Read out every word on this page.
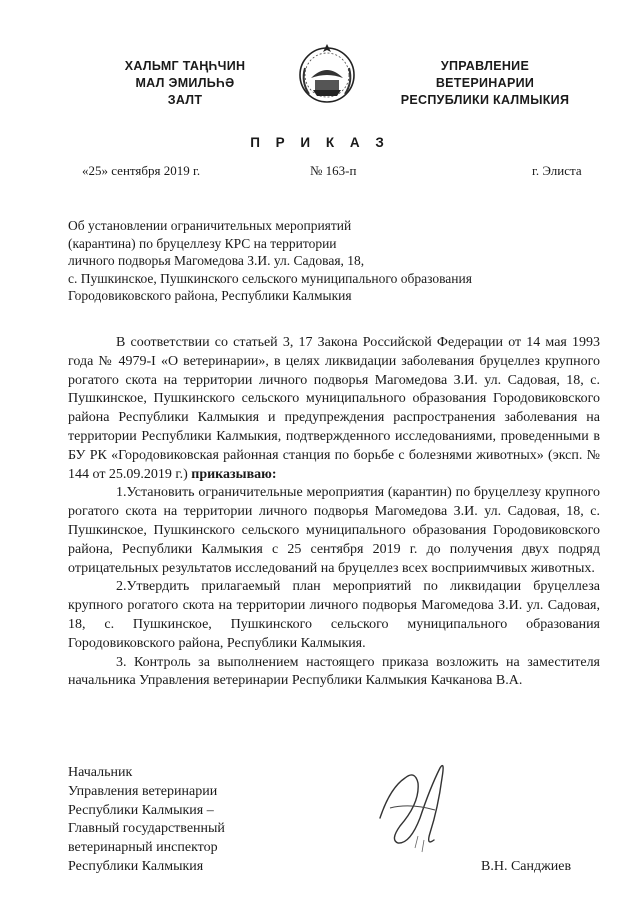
ХАЛЬМГ ТАҢҺЧИН
МАЛ ЭМИЛЬҺӘ
ЗАЛТ
УПРАВЛЕНИЕ
ВЕТЕРИНАРИИ
РЕСПУБЛИКИ КАЛМЫКИЯ
П Р И К А З
«25» сентября 2019 г.	№ 163-п	г. Элиста
Об установлении ограничительных мероприятий
(карантина) по бруцеллезу КРС на территории
личного подворья Магомедова З.И. ул. Садовая, 18,
с. Пушкинское, Пушкинского сельского муниципального образования
Городовиковского района, Республики Калмыкия

В соответствии со статьей 3, 17 Закона Российской Федерации от 14 мая 1993 года № 4979-I «О ветеринарии», в целях ликвидации заболевания бруцеллез крупного рогатого скота на территории личного подворья Магомедова З.И. ул. Садовая, 18, с. Пушкинское, Пушкинского сельского муниципального образования Городовиковского района Республики Калмыкия и предупреждения распространения заболевания на территории Республики Калмыкия, подтвержденного исследованиями, проведенными в БУ РК «Городовиковская районная станция по борьбе с болезнями животных» (эксп. № 144 от 25.09.2019 г.) приказываю:

1.Установить ограничительные мероприятия (карантин) по бруцеллезу крупного рогатого скота на территории личного подворья Магомедова З.И. ул. Садовая, 18, с. Пушкинское, Пушкинского сельского муниципального образования Городовиковского района, Республики Калмыкия с 25 сентября 2019 г. до получения двух подряд отрицательных результатов исследований на бруцеллез всех восприимчивых животных.

2.Утвердить прилагаемый план мероприятий по ликвидации бруцеллеза крупного рогатого скота на территории личного подворья Магомедова З.И. ул. Садовая, 18, с. Пушкинское, Пушкинского сельского муниципального образования Городовиковского района, Республики Калмыкия.

3. Контроль за выполнением настоящего приказа возложить на заместителя начальника Управления ветеринарии Республики Калмыкия Качканова В.А.

Начальник
Управления ветеринарии
Республики Калмыкия –
Главный государственный
ветеринарный инспектор
Республики Калмыкия	В.Н. Санджиев
